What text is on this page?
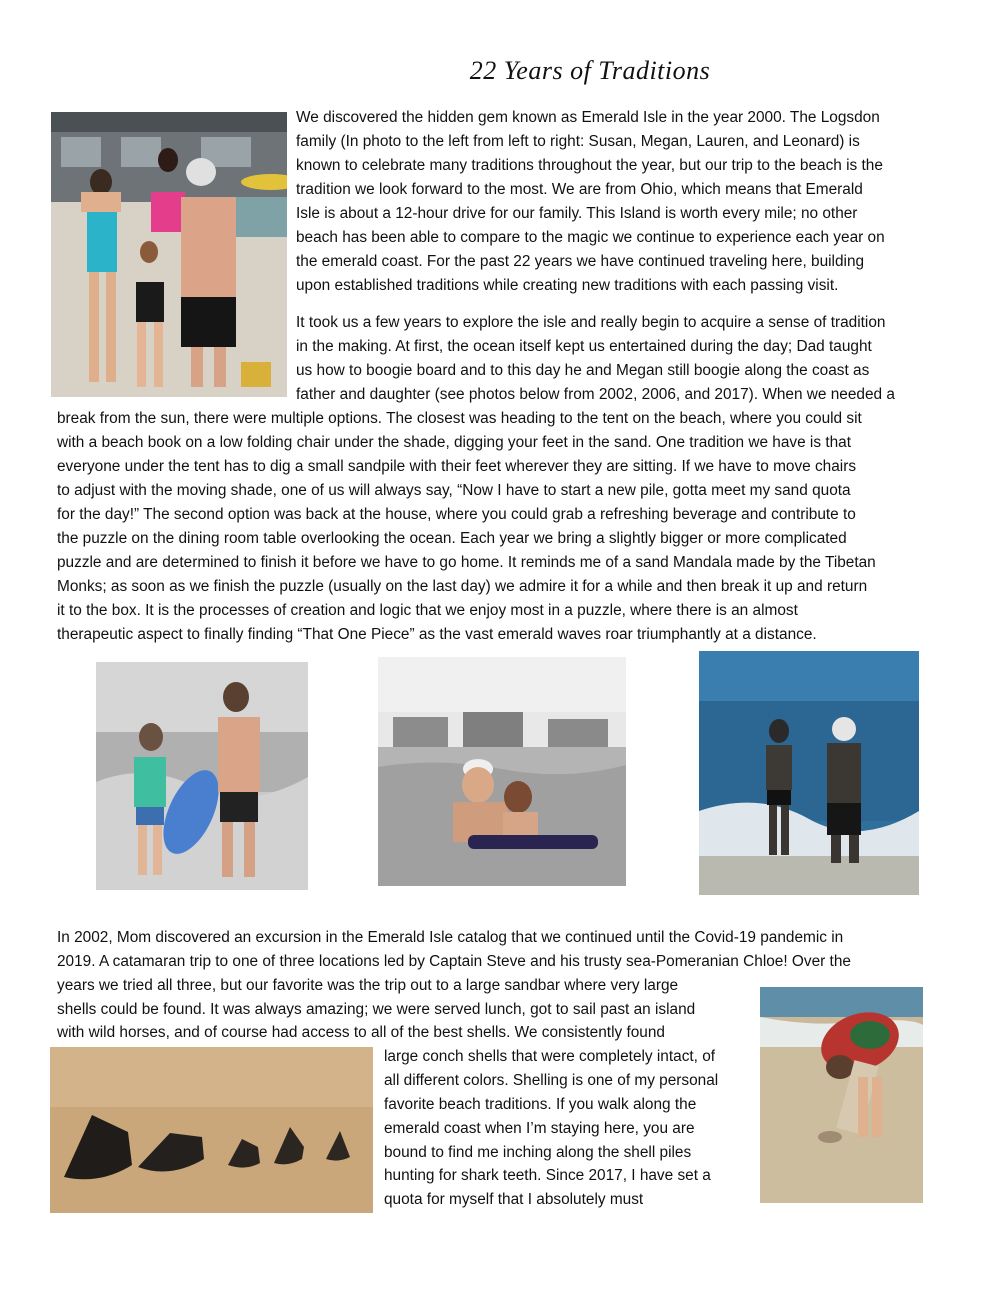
22 Years of Traditions
We discovered the hidden gem known as Emerald Isle in the year 2000. The Logsdon
family (In photo to the left from left to right: Susan, Megan, Lauren, and Leonard) is
known to celebrate many traditions throughout the year, but our trip to the beach is the
tradition we look forward to the most. We are from Ohio, which means that Emerald
Isle is about a 12-hour drive for our family. This Island is worth every mile; no other
beach has been able to compare to the magic we continue to experience each year on
the emerald coast. For the past 22 years we have continued traveling here, building
upon established traditions while creating new traditions with each passing visit.
It took us a few years to explore the isle and really begin to acquire a sense of tradition
in the making. At first, the ocean itself kept us entertained during the day; Dad taught
us how to boogie board and to this day he and Megan still boogie along the coast as
father and daughter (see photos below from 2002, 2006, and 2017). When we needed a
break from the sun, there were multiple options. The closest was heading to the tent on the beach, where you could sit
with a beach book on a low folding chair under the shade, digging your feet in the sand. One tradition we have is that
everyone under the tent has to dig a small sandpile with their feet wherever they are sitting. If we have to move chairs
to adjust with the moving shade, one of us will always say, “Now I have to start a new pile, gotta meet my sand quota
for the day!” The second option was back at the house, where you could grab a refreshing beverage and contribute to
the puzzle on the dining room table overlooking the ocean. Each year we bring a slightly bigger or more complicated
puzzle and are determined to finish it before we have to go home. It reminds me of a sand Mandala made by the Tibetan
Monks; as soon as we finish the puzzle (usually on the last day) we admire it for a while and then break it up and return
it to the box. It is the processes of creation and logic that we enjoy most in a puzzle, where there is an almost
therapeutic aspect to finally finding “That One Piece” as the vast emerald waves roar triumphantly at a distance.
In 2002, Mom discovered an excursion in the Emerald Isle catalog that we continued until the Covid-19 pandemic in
2019. A catamaran trip to one of three locations led by Captain Steve and his trusty sea-Pomeranian Chloe! Over the
years we tried all three, but our favorite was the trip out to a large sandbar where very large
shells could be found. It was always amazing; we were served lunch, got to sail past an island
with wild horses, and of course had access to all of the best shells. We consistently found
large conch shells that were completely intact, of
all different colors. Shelling is one of my personal
favorite beach traditions. If you walk along the
emerald coast when I’m staying here, you are
bound to find me inching along the shell piles
hunting for shark teeth. Since 2017, I have set a
quota for myself that I absolutely must
